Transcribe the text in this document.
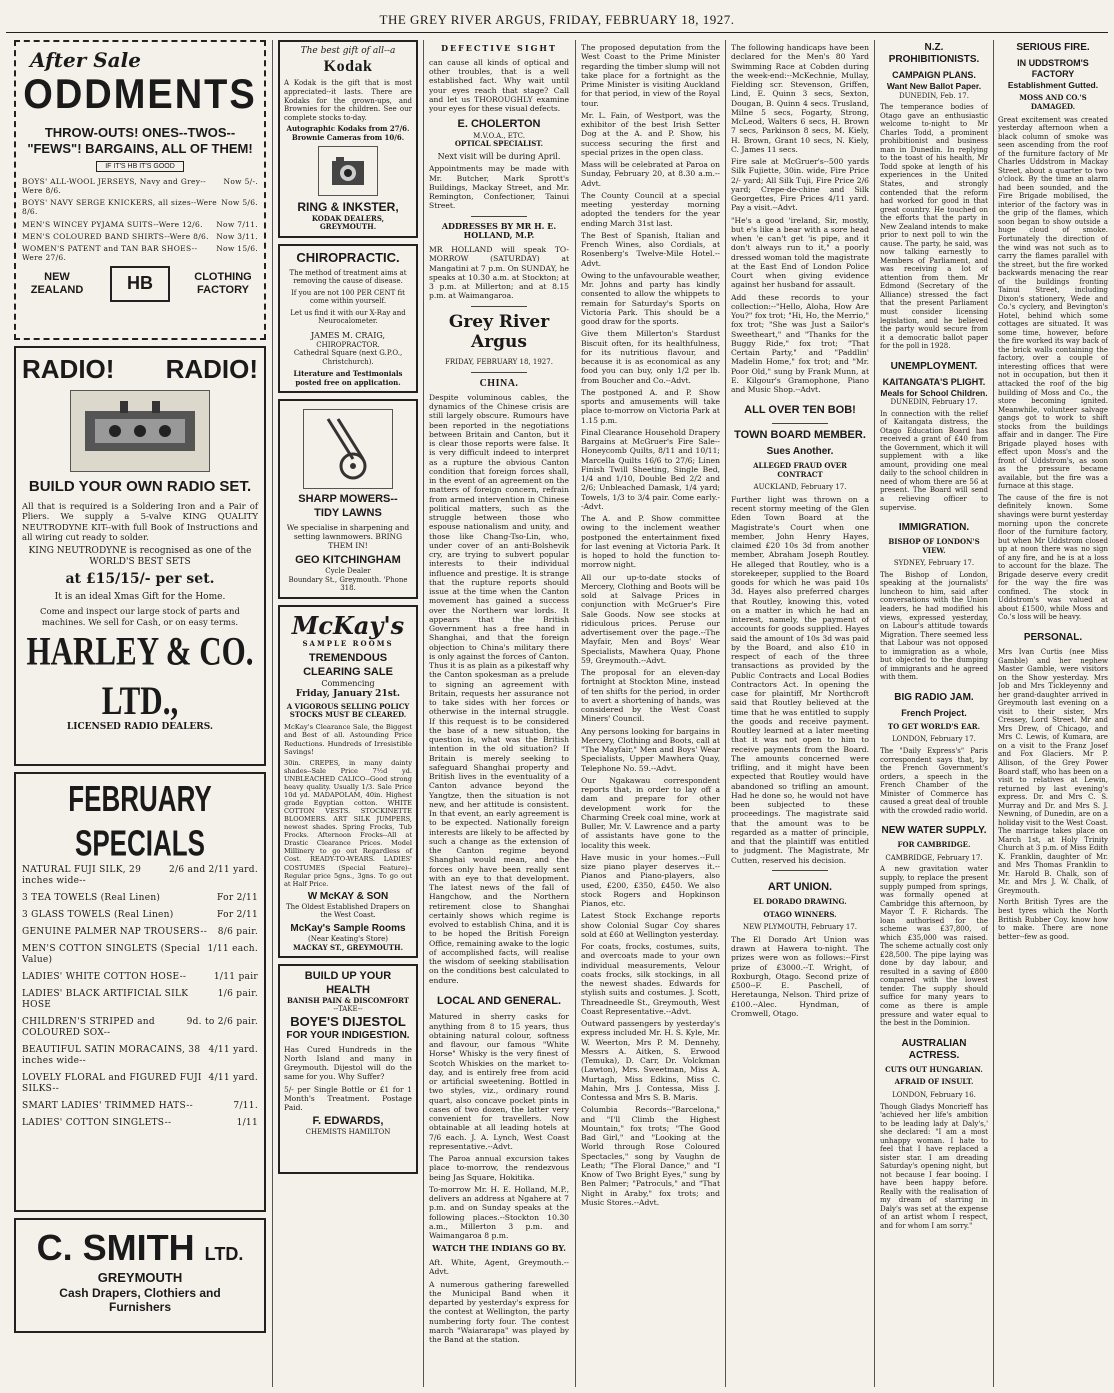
THE GREY RIVER ARGUS, FRIDAY, FEBRUARY 18, 1927.
After Sale
ODDMENTS
THROW-OUTS! ONES--TWOS--
"FEWS"! BARGAINS, ALL OF THEM!
IF IT'S HB IT'S GOOD
BOYS' ALL-WOOL JERSEYS, Navy and Grey--Were 8/6.
Now 5/-.
BOYS' NAVY SERGE KNICKERS, all sizes--Were 8/6.
Now 5/6.
MEN'S WINCEY PYJAMA SUITS--Were 12/6. Now 7/11.
MEN'S COLOURED BAND SHIRTS--Were 8/6. Now 3/11.
WOMEN'S PATENT and TAN BAR SHOES--Were 27/6.
Now 15/6.
NEW ZEALAND	HB	CLOTHING FACTORY
RADIO! RADIO!
BUILD YOUR OWN RADIO SET.
All that is required is a Soldering Iron and a Pair of Pliers. We supply a 5-valve KING QUALITY NEUTRODYNE KIT--with full Book of Instructions and all wiring cut ready to solder.
KING NEUTRODYNE is recognised as one of the WORLD'S BEST SETS
at £15/15/- per set.
It is an ideal Xmas Gift for the Home.
Come and inspect our large stock of parts and machines. We sell for Cash, or on easy terms.
HARLEY & CO. LTD.,
LICENSED RADIO DEALERS.
FEBRUARY SPECIALS
NATURAL FUJI SILK, 29 inches wide--
2/6 and 2/11 yard.
3 TEA TOWELS (Real Linen)	For 2/11
3 GLASS TOWELS (Real Linen)	For 2/11
GENUINE PALMER NAP TROUSERS-- 8/6 pair.
MEN'S COTTON SINGLETS (Special Value)
1/11 each.
LADIES' WHITE COTTON HOSE--	1/11 pair
LADIES' BLACK ARTIFICIAL SILK HOSE
1/6 pair.
CHILDREN'S STRIPED and COLOURED SOX--
9d. to 2/6 pair.
BEAUTIFUL SATIN MORACAINS, 38 inches wide--
4/11 yard.
LOVELY FLORAL and FIGURED FUJI SILKS--
4/11 yard.
SMART LADIES' TRIMMED HATS--	7/11.
LADIES' COTTON SINGLETS--	1/11
C. SMITH LTD.
GREYMOUTH
Cash Drapers, Clothiers and Furnishers
The best gift of all--a
Kodak
A Kodak is the gift that is most appreciated--it lasts. There are Kodaks for the grown-ups, and Brownies for the children. See our complete stocks to-day.
Autographic Kodaks from 27/6. Brownie Cameras from 10/6.
RING & INKSTER,
KODAK DEALERS, GREYMOUTH.
CHIROPRACTIC.
The method of treatment aims at removing the cause of disease.
If you are not 100 PER CENT fit come within yourself.
Let us find it with our X-Ray and Neurocalometer.
JAMES M. CRAIG,
CHIROPRACTOR.
Cathedral Square (next G.P.O., Christchurch).
Literature and Testimonials posted free on application.
SHARP MOWERS--
TIDY LAWNS
We specialise in sharpening and setting lawnmowers. BRING THEM IN!
GEO KITCHINGHAM
Cycle Dealer
Boundary St., Greymouth. 'Phone 318.
McKay's
SAMPLE ROOMS
TREMENDOUS CLEARING SALE
Commencing
Friday, January 21st.
A VIGOROUS SELLING POLICY STOCKS MUST BE CLEARED.
McKay's Clearance Sale, the Biggest and Best of all. Astounding Price Reductions. Hundreds of Irresistible Savings!
30in. CREPES, in many dainty shades--Sale Price 7½d yd. UNBLEACHED CALICO--Good strong heavy quality. Usually 1/3. Sale Price 10d yd. MADAPOLAM, 40in. Highest grade Egyptian cotton. WHITE COTTON VESTS. STOCKINETTE BLOOMERS. ART SILK JUMPERS, newest shades. Spring Frocks, Tub Frocks. Afternoon Frocks--All at Drastic Clearance Prices. Model Millinery to go out Regardless of Cost. READY-TO-WEARS. LADIES' COSTUMES (Special Feature)--Regular price 5gns., 3gns. To go out at Half Price.
W McKAY & SON
The Oldest Established Drapers on the West Coast.
McKay's Sample Rooms
(Near Keating's Store)
MACKAY ST., GREYMOUTH.
BUILD UP YOUR HEALTH
BANISH PAIN & DISCOMFORT
--TAKE--
BOYE'S DIJESTOL
FOR YOUR INDIGESTION.
Has Cured Hundreds in the North Island and many in Greymouth. Dijestol will do the same for you. Why Suffer?
5/- per Single Bottle or £1 for 1 Month's Treatment. Postage Paid.
F. EDWARDS,
CHEMISTS HAMILTON
DEFECTIVE SIGHT
can cause all kinds of optical and other troubles, that is a well established fact. Why wait until your eyes reach that stage? Call and let us THOROUGHLY examine your eyes for these visual defects.
E. CHOLERTON
M.V.O.A., ETC.
OPTICAL SPECIALIST.
Next visit will be during April.
Appointments may be made with Mr. Butcher, Mark Sprott's Buildings, Mackay Street, and Mr. Remington, Confectioner, Tainui Street.
ADDRESSES BY MR H. E. HOLLAND, M.P.
MR HOLLAND will speak TO-MORROW (SATURDAY) at Mangatini at 7 p.m. On SUNDAY, he speaks at 10.30 a.m. at Stockton; at 3 p.m. at Millerton; and at 8.15 p.m. at Waimangaroa.
Grey River Argus
FRIDAY, FEBRUARY 18, 1927.
CHINA.
Despite voluminous cables, the dynamics of the Chinese crisis are still largely obscure. Rumours have been reported in the negotiations between Britain and Canton, but it is clear those reports were false. It is very difficult indeed to interpret as a rupture the obvious Canton condition that foreign forces shall, in the event of an agreement on the matters of foreign concern, refrain from armed intervention in Chinese political matters, such as the struggle between those who espouse nationalism and unity, and those like Chang-Tso-Lin, who, under cover of an anti-Bolshevik cry, are trying to subvert popular interests to their individual influence and prestige. It is strange that the rupture reports should issue at the time when the Canton movement has gained a success over the Northern war lords. It appears that the British Government has a free hand in Shanghai, and that the foreign objection to China's military there is only against the forces of Canton. Thus it is as plain as a pikestaff why the Canton spokesman as a prelude to signing an agreement with Britain, requests her assurance not to take sides with her forces or otherwise in the internal struggle. If this request is to be considered the base of a new situation, the question is, what was the British intention in the old situation? If Britain is merely seeking to safeguard Shanghai property and British lives in the eventuality of a Canton advance beyond the Yangtze, then the situation is not new, and her attitude is consistent. In that event, an early agreement is to be expected. Nationally foreign interests are likely to be affected by such a change as the extension of the Canton regime beyond Shanghai would mean, and the forces only have been really sent with an eye to that development. The latest news of the fall of Hangchow, and the Northern retirement close to Shanghai certainly shows which regime is evolved to establish China, and it is to be hoped the British Foreign Office, remaining awake to the logic of accomplished facts, will realise the wisdom of seeking stabilisation on the conditions best calculated to endure.
LOCAL AND GENERAL.
Matured in sherry casks for anything from 8 to 15 years, thus obtaining natural colour, softness and flavour, our famous "White Horse" Whisky is the very finest of Scotch Whiskies on the market to-day, and is entirely free from acid or artificial sweetening. Bottled in two styles, viz., ordinary round quart, also concave pocket pints in cases of two dozen, the latter very convenient for travellers. Now obtainable at all leading hotels at 7/6 each. J. A. Lynch, West Coast representative.--Advt.
The Paroa annual excursion takes place to-morrow, the rendezvous being Jas Square, Hokitika.
To-morrow Mr. H. E. Holland, M.P., delivers an address at Ngahere at 7 p.m. and on Sunday speaks at the following places.--Stockton 10.30 a.m., Millerton 3 p.m. and Waimangaroa 8 p.m.
WATCH THE INDIANS GO BY.
Aft. White, Agent, Greymouth.--Advt.
A numerous gathering farewelled the Municipal Band when it departed by yesterday's express for the contest at Wellington, the party numbering forty four. The contest march "Waiararapa" was played by the Band at the station.
The proposed deputation from the West Coast to the Prime Minister regarding the timber slump will not take place for a fortnight as the Prime Minister is visiting Auckland for that period, in view of the Royal tour.
Mr. L. Fain, of Westport, was the exhibitor of the best Irish Setter Dog at the A. and P. Show, his success securing the first and special prizes in the open class.
Mass will be celebrated at Paroa on Sunday, February 20, at 8.30 a.m.--Advt.
The County Council at a special meeting yesterday morning adopted the tenders for the year ending March 31st last.
The Best of Spanish, Italian and French Wines, also Cordials, at Rosenberg's Twelve-Mile Hotel.--Advt.
Owing to the unfavourable weather, Mr. Johns and party has kindly consented to allow the whippets to remain for Saturday's Sports on Victoria Park. This should be a good draw for the sports.
Give them Millerton's Stardust Biscuit often, for its healthfulness, for its nutritious flavour, and because it is as economical as any food you can buy, only 1/2 per lb. from Boucher and Co.--Advt.
The postponed A. and P. Show sports and amusements will take place to-morrow on Victoria Park at 1.15 p.m.
Final Clearance Household Drapery Bargains at McGruer's Fire Sale--Honeycomb Quilts, 8/11 and 10/11; Marcella Quilts 16/6 to 27/6; Linen Finish Twill Sheeting, Single Bed, 1/4 and 1/10, Double Bed 2/2 and 2/6; Unbleached Damask, 1/4 yard; Towels, 1/3 to 3/4 pair. Come early.--Advt.
The A. and P. Show committee owing to the inclement weather postponed the entertainment fixed for last evening at Victoria Park. It is hoped to hold the function to-morrow night.
All our up-to-date stocks of Mercery, Clothing and Boots will be sold at Salvage Prices in conjunction with McGruer's Fire Sale Goods. Now see stocks at ridiculous prices. Peruse our advertisement over the page.--The Mayfair, Men and Boys' Wear Specialists, Mawhera Quay, Phone 59, Greymouth.--Advt.
The proposal for an eleven-day fortnight at Stockton Mine, instead of ten shifts for the period, in order to avert a shortening of hands, was considered by the West Coast Miners' Council.
Any persons looking for bargains in Mercery, Clothing and Boots, call at "The Mayfair," Men and Boys' Wear Specialists, Upper Mawhera Quay, Telephone No. 59.--Advt.
Our Ngakawau correspondent reports that, in order to lay off a dam and prepare for other development work for the Charming Creek coal mine, work at Buller, Mr. V. Lawrence and a party of assistants have gone to the locality this week.
Have music in your homes.--Full size piano player deserves it.--Pianos and Piano-players, also used, £200, £350, £450. We also stock Rogers and Hopkinson Pianos, etc.
Latest Stock Exchange reports show Colonial Sugar Coy shares sold at £60 at Wellington yesterday.
For coats, frocks, costumes, suits, and overcoats made to your own individual measurements, Velour coats frocks, silk stockings, in all the newest shades. Edwards for stylish suits and costumes. J. Scott, Threadneedle St., Greymouth, West Coast Representative.--Advt.
Outward passengers by yesterday's express included Mr. H. S. Kyle, Mr. W. Weerton, Mrs P. M. Dennehy, Messrs A. Aitken, S. Erwood (Temuka), D. Carr, Dr. Volckman (Lawton), Mrs. Sweetman, Miss A. Murtagh, Miss Edkins, Miss C. Mahin, Mrs J. Contessa, Miss J. Contessa and Mrs S. B. Maris.
Columbia Records--"Barcelona," and "I'll Climb the Highest Mountain," fox trots; "The Good Bad Girl," and "Looking at the World through Rose Coloured Spectacles," song by Vaughn de Leath; "The Floral Dance," and "I Know of Two Bright Eyes," sung by Ben Palmer; "Patroculs," and "That Night in Araby," fox trots; and Music Stores.--Advt.
The following handicaps have been declared for the Men's 80 Yard Swimming Race at Cobden during the week-end:--McKechnie, Mullay, Fielding scr. Stevenson, Griffen, Lind, E. Quinn 3 secs, Sexton, Dougan, B. Quinn 4 secs. Trusland, Milne 5 secs, Fogarty, Strong, McLeod, Walters 6 secs, H. Brown 7 secs, Parkinson 8 secs, M. Kiely, H. Brown, Grant 10 secs, N. Kiely, C. James 11 secs.
Fire sale at McGruer's--500 yards Silk Fujiette, 30in. wide, Fire Price 2/- yard; All Silk Tuji, Fire Price 2/6 yard; Crepe-de-chine and Silk Georgettes, Fire Prices 4/11 yard. Pay a visit.--Advt.
"He's a good 'ireland, Sir, mostly, but e's like a bear with a sore head when 'e can't get 'is pipe, and it don't always run to it," a poorly dressed woman told the magistrate at the East End of London Police Court when giving evidence against her husband for assault.
Add these records to your collection:--"Hello, Aloha, How Are You?" fox trot; "Hi, Ho, the Merrio," fox trot; "She was Just a Sailor's Sweetheart," and "Thanks for the Buggy Ride," fox trot; "That Certain Party," and "Paddlin' Madelin Home," fox trot; and "Mr. Poor Old," sung by Frank Munn, at E. Kilgour's Gramophone, Piano and Music Shop.--Advt.
ALL OVER TEN BOB!
TOWN BOARD MEMBER.
Sues Another.
ALLEGED FRAUD OVER CONTRACT
AUCKLAND, February 17.
Further light was thrown on a recent stormy meeting of the Glen Eden Town Board at the Magistrate's Court when one member, John Henry Hayes, claimed £20 10s 3d from another member, Abraham Joseph Routley. He alleged that Routley, who is a storekeeper, supplied to the Board goods for which he was paid 10s 3d. Hayes also preferred charges that Routley, knowing this, voted on a matter in which he had an interest, namely, the payment of accounts for goods supplied. Hayes said the amount of 10s 3d was paid by the Board, and also £10 in respect of each of the three transactions as provided by the Public Contracts and Local Bodies Contractors Act. In opening the case for plaintiff, Mr Northcroft said that Routley believed at the time that he was entitled to supply the goods and receive payment. Routley learned at a later meeting that it was not open to him to receive payments from the Board. The amounts concerned were trifling, and it might have been expected that Routley would have abandoned so trifling an amount. Had he done so, he would not have been subjected to these proceedings. The magistrate said that the amount was to be regarded as a matter of principle, and that the plaintiff was entitled to judgment. The Magistrate, Mr Cutten, reserved his decision.
ART UNION.
EL DORADO DRAWING.
OTAGO WINNERS.
NEW PLYMOUTH, February 17.
The El Dorado Art Union was drawn at Hawera to-night. The prizes were won as follows:--First prize of £3000.--T. Wright, of Roxburgh, Otago. Second prize of £500--F. E. Paschell, of Heretaunga, Nelson. Third prize of £100.--Alec. Hyndman, of Cromwell, Otago.
N.Z. PROHIBITIONISTS.
CAMPAIGN PLANS.
Want New Ballot Paper.
DUNEDIN, Feb. 17.
The temperance bodies of Otago gave an enthusiastic welcome to-night to Mr Charles Todd, a prominent prohibitionist and business man in Dunedin. In replying to the toast of his health, Mr Todd spoke at length of his experiences in the United States, and strongly contended that the reform had worked for good in that great country. He touched on the efforts that the party in New Zealand intends to make prior to next poll to win the cause. The party, he said, was now talking earnestly to Members of Parliament, and was receiving a lot of attention from them. Mr Edmond (Secretary of the Alliance) stressed the fact that the present Parliament must consider licensing legislation, and he believed the party would secure from it a democratic ballot paper for the poll in 1928.
UNEMPLOYMENT.
KAITANGATA'S PLIGHT.
Meals for School Children.
DUNEDIN, February 17.
In connection with the relief of Kaitangata distress, the Otago Education Board has received a grant of £40 from the Government, which it will supplement with a like amount, providing one meal daily to the school children in need of whom there are 56 at present. The Board will send a relieving officer to supervise.
IMMIGRATION.
BISHOP OF LONDON'S VIEW.
SYDNEY, February 17.
The Bishop of London, speaking at the journalists' luncheon to him, said after conversations with the Union leaders, he had modified his views, expressed yesterday, on Labour's attitude towards Migration. There seemed less that Labour was not opposed to immigration as a whole, but objected to the dumping of immigrants and he agreed with them.
BIG RADIO JAM.
French Project.
TO GET WORLD'S EAR.
LONDON, February 17.
The "Daily Express's" Paris correspondent says that, by the French Government's orders, a speech in the French Chamber of the Minister of Commerce has caused a great deal of trouble with the crowded radio world.
NEW WATER SUPPLY.
FOR CAMBRIDGE.
CAMBRIDGE, February 17.
A new gravitation water supply, to replace the present supply pumped from springs, was formally opened at Cambridge this afternoon, by Mayor T. F. Richards. The loan authorised for the scheme was £37,800, of which £35,000 was raised. The scheme actually cost only £28,500. The pipe laying was done by day labour, and resulted in a saving of £800 compared with the lowest tender. The supply should suffice for many years to come as there is ample pressure and water equal to the best in the Dominion.
AUSTRALIAN ACTRESS.
CUTS OUT HUNGARIAN.
AFRAID OF INSULT.
LONDON, February 16.
Though Gladys Moncrieff has 'achieved her life's ambition to be leading lady at Daly's,' she declared: "I am a most unhappy woman. I hate to feel that I have replaced a sister star. I am dreading Saturday's opening night, but not because I fear booing. I have been happy before. Really with the realisation of my dream of starring in Daly's was set at the expense of an artist whom I respect, and for whom I am sorry."
SERIOUS FIRE.
IN UDDSTROM'S FACTORY
Establishment Gutted.
MOSS AND CO.'S DAMAGED.
Great excitement was created yesterday afternoon when a black column of smoke was seen ascending from the roof of the furniture factory of Mr Charles Uddstrom in Mackay Street, about a quarter to two o'clock. By the time an alarm had been sounded, and the Fire Brigade mobilised, the interior of the factory was in the grip of the flames, which soon began to show outside a huge cloud of smoke. Fortunately the direction of the wind was not such as to carry the flames parallel with the street, but the fire worked backwards menacing the rear of the buildings fronting Tainui Street, including Dixon's stationery, Wede and Co.'s cyclery, and Bevington's Hotel, behind which some cottages are situated. It was some time, however, before the fire worked its way back of the brick walls containing the factory, over a couple of interesting offices that were not in occupation, but then it attacked the roof of the big building of Moss and Co., the store becoming ignited. Meanwhile, volunteer salvage gangs got to work to shift stocks from the buildings affair and in danger. The Fire Brigade played hoses with effect upon Moss's and the front of Uddstrom's, as soon as the pressure became available, but the fire was a furnace at this stage.
The cause of the fire is not definitely known. Some shavings were burnt yesterday morning upon the concrete floor of the furniture factory, but when Mr Uddstrom closed up at noon there was no sign of any fire, and he is at a loss to account for the blaze. The Brigade deserve every credit for the way the fire was confined. The stock in Uddstrom's was valued at about £1500, while Moss and Co.'s loss will be heavy.
PERSONAL.
Mrs Ivan Curtis (nee Miss Gamble) and her nephew Master Gamble, were visitors on the Show yesterday. Mrs Job and Mrs Tickleyenny and her grand-daughter arrived in Greymouth last evening on a visit to their sister, Mrs Cressey, Lord Street. Mr and Mrs Drew, of Chicago, and Mrs C. Lewis, of Kumara, are on a visit to the Franz Josef and Fox Glaciers. Mr P. Allison, of the Grey Power Board staff, who has been on a visit to relatives at Lewin, returned by last evening's express. Dr. and Mrs C. S. Murray and Dr. and Mrs S. J. Newning, of Dunedin, are on a holiday visit to the West Coast. The marriage takes place on March 1st, at Holy Trinity Church at 3 p.m. of Miss Edith K. Franklin, daughter of Mr. and Mrs Thomas Franklin to Mr. Harold B. Chalk, son of Mr. and Mrs J. W. Chalk, of Greymouth.
North British Tyres are the best tyres which the North British Rubber Coy. know how to make. There are none better--few as good.
